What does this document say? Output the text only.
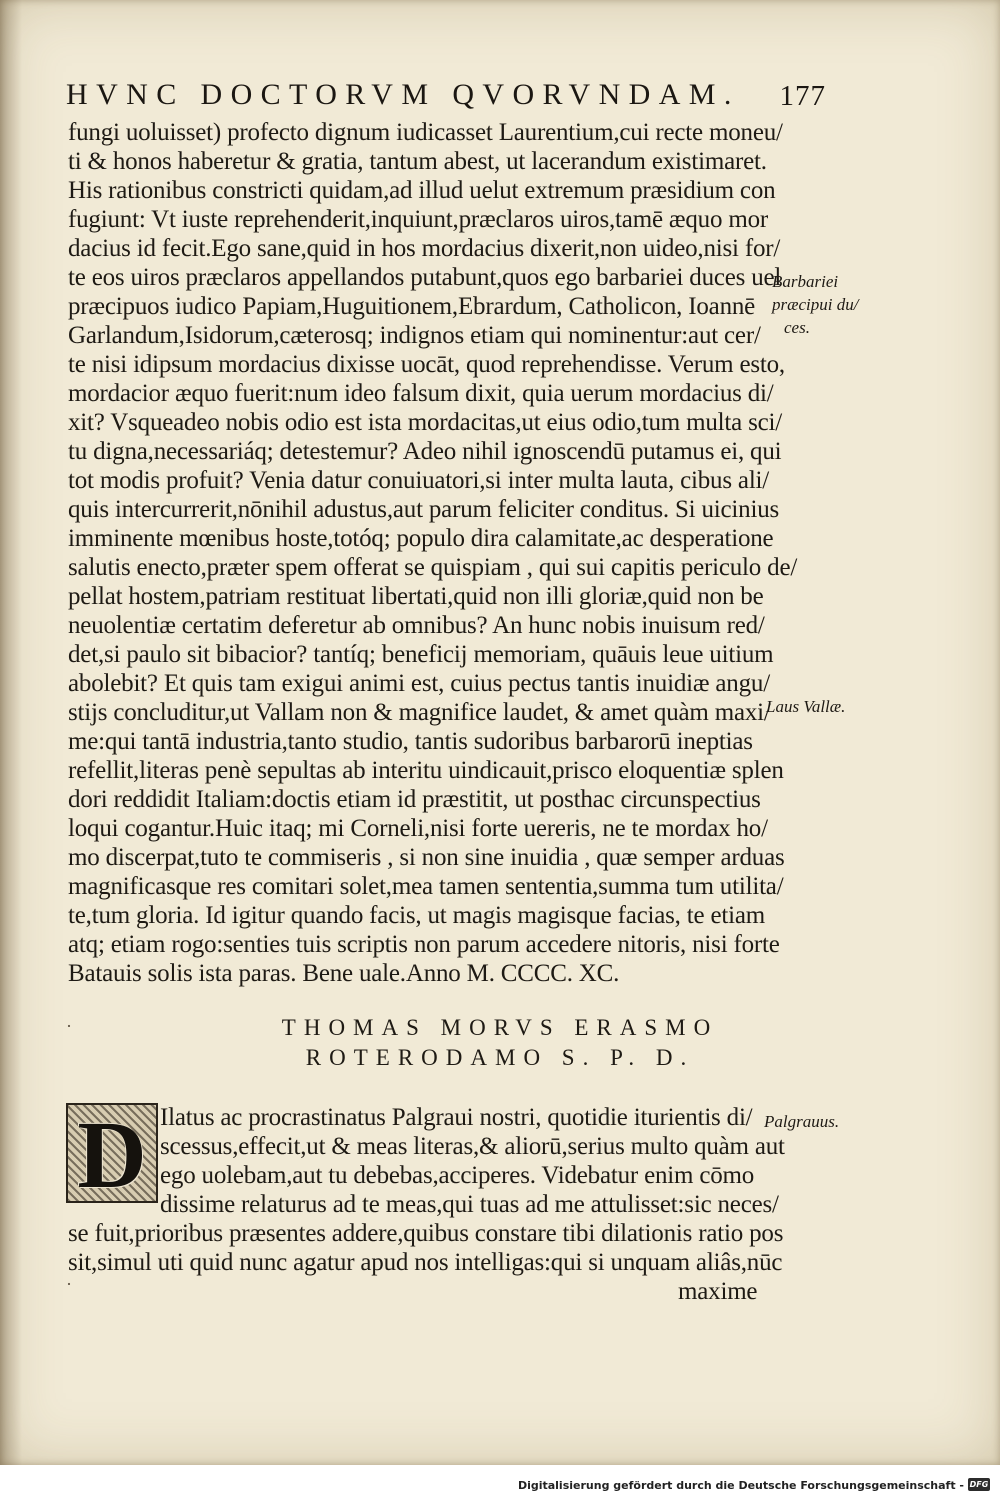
HVNC DOCTORVM QVORVNDAM. 177
fungi uoluisset) profecto dignum iudicasset Laurentium,cui recte moneu/
ti & honos haberetur & gratia, tantum abest, ut lacerandum existimaret.
His rationibus constricti quidam,ad illud uelut extremum præsidium con
fugiunt: Vt iuste reprehenderit,inquiunt,præclaros uiros,tamē æquo mor
dacius id fecit.Ego sane,quid in hos mordacius dixerit,non uideo,nisi for/
te eos uiros præclaros appellandos putabunt,quos ego barbariei duces uel
præcipuos iudico Papiam,Huguitionem,Ebrardum, Catholicon, Ioannē
Garlandum,Isidorum,cæterosq; indignos etiam qui nominentur:aut cer/
te nisi idipsum mordacius dixisse uocāt, quod reprehendisse. Verum esto,
mordacior æquo fuerit:num ideo falsum dixit, quia uerum mordacius di/
xit? Vsqueadeo nobis odio est ista mordacitas,ut eius odio,tum multa sci/
tu digna,necessariáq; detestemur? Adeo nihil ignoscendū putamus ei, qui
tot modis profuit? Venia datur conuiuatori,si inter multa lauta, cibus ali/
quis intercurrerit,nōnihil adustus,aut parum feliciter conditus. Si uicinius
imminente mœnibus hoste,totóq; populo dira calamitate,ac desperatione
salutis enecto,præter spem offerat se quispiam , qui sui capitis periculo de/
pellat hostem,patriam restituat libertati,quid non illi gloriæ,quid non be
neuolentiæ certatim deferetur ab omnibus? An hunc nobis inuisum red/
det,si paulo sit bibacior? tantíq; beneficij memoriam, quāuis leue uitium
abolebit? Et quis tam exigui animi est, cuius pectus tantis inuidiæ angu/
stijs concluditur,ut Vallam non & magnifice laudet, & amet quàm maxi/
me:qui tantā industria,tanto studio, tantis sudoribus barbarorū ineptias
refellit,literas penè sepultas ab interitu uindicauit,prisco eloquentiæ splen
dori reddidit Italiam:doctis etiam id præstitit, ut posthac circunspectius
loqui cogantur.Huic itaq; mi Corneli,nisi forte uereris, ne te mordax ho/
mo discerpat,tuto te commiseris , si non sine inuidia , quæ semper arduas
magnificasque res comitari solet,mea tamen sententia,summa tum utilita/
te,tum gloria. Id igitur quando facis, ut magis magisque facias, te etiam
atq; etiam rogo:senties tuis scriptis non parum accedere nitoris, nisi forte
Batauis solis ista paras. Bene uale.Anno M. CCCC. XC.
Barbariei
præcipui du/
ces.
Laus Vallæ.
·	THOMAS MORVS ERASMO
ROTERODAMO S. P. D.
D Ilatus ac procrastinatus Palgraui nostri, quotidie iturientis di/
scessus,effecit,ut & meas literas,& aliorū,serius multo quàm aut
ego uolebam,aut tu debebas,acciperes. Videbatur enim cōmo
dissime relaturus ad te meas,qui tuas ad me attulisset:sic neces/
se fuit,prioribus præsentes addere,quibus constare tibi dilationis ratio pos
sit,simul uti quid nunc agatur apud nos intelligas:qui si unquam aliâs,nūc
maxime
Palgrauus.
·
Digitalisierung gefördert durch die Deutsche Forschungsgemeinschaft - DFG
